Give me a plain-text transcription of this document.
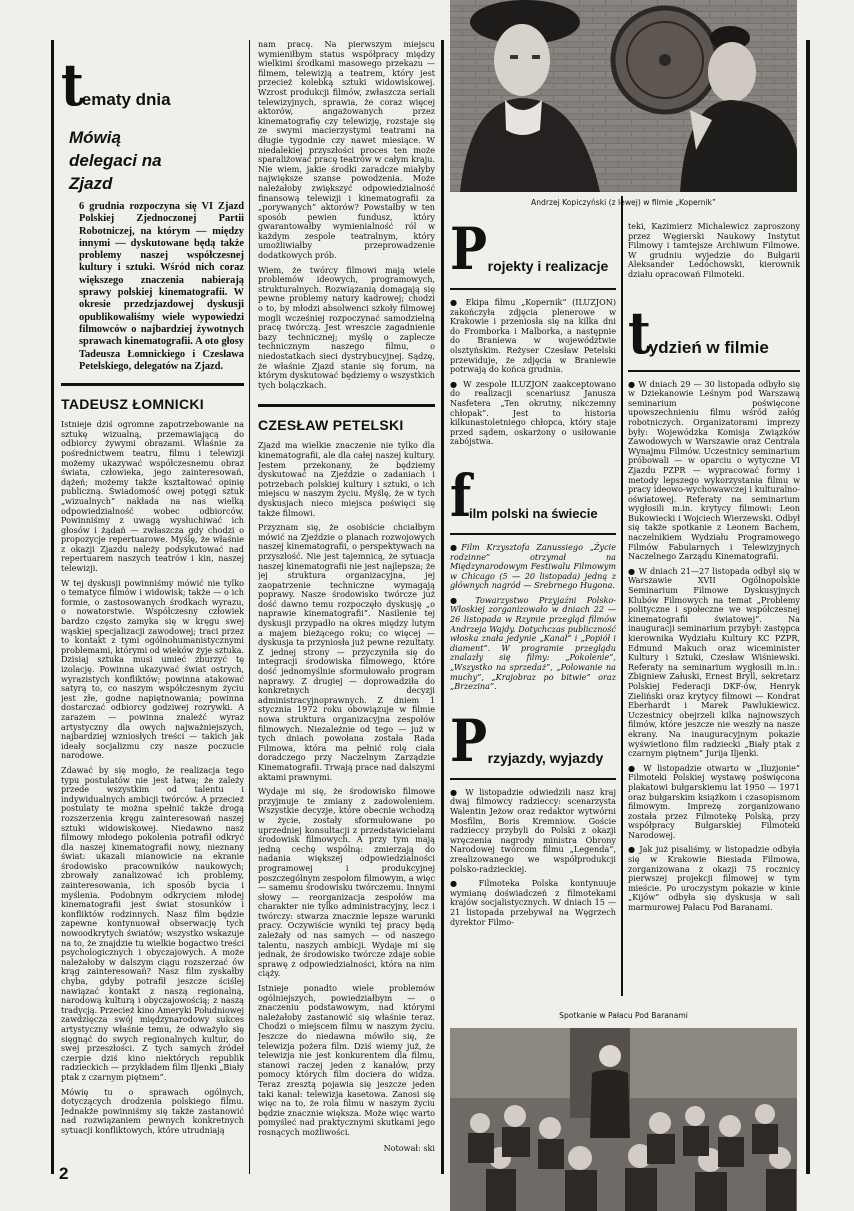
tematy dnia
Mówią delegaci na Zjazd

6 grudnia rozpoczyna się VI Zjazd Polskiej Zjednoczonej Partii Robotniczej, na którym — między innymi — dyskutowane będą także problemy naszej współczesnej kultury i sztuki. Wśród nich coraz większego znaczenia nabierają sprawy polskiej kinematografii. W okresie przedzjazdowej dyskusji opublikowaliśmy wiele wypowiedzi filmowców o najbardziej żywotnych sprawach kinematografii. A oto głosy Tadeusza Łomnickiego i Czesława Petelskiego, delegatów na Zjazd.

TADEUSZ ŁOMNICKI

Istnieje dziś ogromne zapotrzebowanie na sztukę wizualną, przemawiającą do odbiorcy żywymi obrazami. Właśnie za pośrednictwem teatru, filmu i telewizji możemy ukazywać współczesnemu obraz świata, człowieka, jego zainteresowań, dążeń; możemy także kształtować opinię publiczną. Świadomość owej potęgi sztuk „wizualnych” nakłada na nas wielką odpowiedzialność wobec odbiorców. Powinniśmy z uwagą wysłuchiwać ich głosów i żądań — zwłaszcza gdy chodzi o propozycje repertuarowe. Myślę, że właśnie z okazji Zjazdu należy podsykutować nad repertuarem naszych teatrów i kin, naszej telewizji.

W tej dyskusji powinniśmy mówić nie tylko o tematyce filmów i widowisk; także — o ich formie, o zastosowanych środkach wyrazu, o nowatorstwie. Współczesny człowiek bardzo często zamyka się w kręgu swej wąskiej specjalizacji zawodowej; traci przez to kontakt z tymi ogólnohumanistycznymi problemami, którymi od wieków żyje sztuka. Dzisiaj sztuka musi umieć zburzyć tę izolację. Powinna ukazywać świat ostrych, wyrazistych konfliktów; powinna atakować satyrą to, co naszym współczesnym życiu jest złe, godne napiętnowania; powinna dostarczać odbiorcy godziwej rozrywki. A zarazem — powinna znaleźć wyraz artystyczny dla owych najważniejszych, najbardziej wzniosłych treści — takich jak ideały socjalizmu czy nasze poczucie narodowe.

Zdawać by się mogło, że realizacja tego typu postulatów nie jest łatwa; że zależy przede wszystkim od talentu i indywidualnych ambicji twórców. A przecież postulaty te można spełnić także drogą rozszerzenia kręgu zainteresowań naszej sztuki widowiskowej. Niedawno nasz filmowy młodego pokolenia potrafił odkryć dla naszej kinematografii nowy, nieznany świat: ukazali mianowicie na ekranie środowisko pracowników naukowych; zbrowały zanalizować ich problemy, zainteresowania, ich sposób bycia i myślenia. Podobnym odkryciem młodej kinematografii jest świat stosunków i konfliktów rodzinnych. Nasz film będzie zapewne kontynuował obserwację tych nowoodkrytych światów; wszystko wskazuje na to, że znajdzie tu wielkie bogactwo treści psychologicznych i obyczajowych. A może należałoby w dalszym ciągu rozszerzać ów krąg zainteresowań? Nasz film zyskałby chyba, gdyby potrafił jeszcze ściślej nawiązać kontakt z naszą regionalną, narodową kulturą i obyczajowością; z naszą tradycją. Przecież kino Ameryki Południowej zawdzięcza swój międzynarodowy sukces artystyczny właśnie temu, że odważyło się sięgnąć do swych regionalnych kultur, do swej przeszłości. Z tych samych źródeł czerpie dziś kino niektórych republik radzieckich — przykładem film Iljenki „Biały ptak z czarnym piętnem”.

Mówię tu o sprawach ogólnych, dotyczących drodzenia polskiego filmu. Jednakże powinniśmy się także zastanowić nad rozwiązaniem pewnych konkretnych sytuacji konfliktowych, które utrudniają

nam pracę. Na pierwszym miejscu wymieniłbym status współpracy między wielkimi środkami masowego przekazu — filmem, telewizją a teatrem, który jest przecież kolebką sztuki widowiskowej. Wzrost produkcji filmów, zwłaszcza seriali telewizyjnych, sprawia, że coraz więcej aktorów, angażowanych przez kinematografię czy telewizję, rozstaje się ze swymi macierzystymi teatrami na długie tygodnie czy nawet miesiące. W niedalekiej przyszłości proces ten może sparaliżować pracę teatrów w całym kraju. Nie wiem, jakie środki zaradcze miałyby największe szanse powodzenia. Może należałoby zwiększyć odpowiedzialność finansową telewizji i kinematografii za „porywanych” aktorów? Powstałby w ten sposób pewien fundusz, który gwarantowałby wymienialność ról w każdym zespole teatralnym, który umożliwiałby przeprowadzenie dodatkowych prób.

Wiem, że twórcy filmowi mają wiele problemów ideowych, programowych, strukturalnych. Rozwiązanią domagają się pewne problemy natury kadrowej; chodzi o to, by młodzi absolwenci szkoły filmowej mogli wcześniej rozpoczynać samodzielną pracę twórczą. Jest wreszcie zagadnienie bazy technicznej; myślę o zaplecze technicznym naszego filmu, o niedostatkach sieci dystrybucyjnej. Sądzę, że właśnie Zjazd stanie się forum, na którym dyskutować będziemy o wszystkich tych bolączkach.

CZESŁAW PETELSKI

Zjazd ma wielkie znaczenie nie tylko dla kinematografii, ale dla całej naszej kultury. Jestem przekonany, że będziemy dyskutować na Zjeździe o zadaniach i potrzebach polskiej kultury i sztuki, o ich miejscu w naszym życiu. Myślę, że w tych dyskusjach nieco miejsca poświęci się także filmowi.

Przyznam się, że osobiście chciałbym mówić na Zjeździe o planach rozwojowych naszej kinematografii, o perspektywach na przyszłość. Nie jest tajemnicą, że sytuacja naszej kinematografii nie jest najlepsza; że jej struktura organizacyjna, jej zaopatrzenie techniczne wymagają poprawy. Nasze środowisko twórcze już dość dawno temu rozpoczęło dyskusję „o naprawie kinematografii”. Nasilenie tej dyskusji przypadło na okres między lutym a majem bieżącego roku; co więcej — dyskusja ta przyniosła już pewne rezultaty. Z jednej strony — przyczyniła się do integracji środowiska filmowego, które dość jednomyślnie sformułowało program naprawy. Z drugiej — doprowadziła do konkretnych decyzji administracyjnoprawnych. Z dniem 1 stycznia 1972 roku obowiązuje w filmie nowa struktura organizacyjna zespołów filmowych. Niezależnie od tego — już w tych dniach powołana została Rada Filmowa, która ma pełnić rolę ciała doradczego przy Naczelnym Zarządzie Kinematografii. Trwają prace nad dalszymi aktami prawnymi.

Wydaje mi się, że środowisko filmowe przyjmuje te zmiany z zadowoleniem. Wszystkie decyzje, które obecnie wchodzą w życie, zostały sformułowane po uprzedniej konsultacji z przedstawicielami środowisk filmowych. A przy tym mają jedną cechę wspólną: zmierzają do nadania większej odpowiedzialności programowej i produkcyjnej poszczególnym zespołom filmowym, a więc — samemu środowisku twórczemu. Innymi słowy — reorganizacja zespołów ma charakter nie tylko administracyjny, lecz i twórczy: stwarza znacznie lepsze warunki pracy. Oczywiście wyniki tej pracy będą zależały od nas samych — od naszego talentu, naszych ambicji. Wydaje mi się jednak, że środowisko twórcze zdaje sobie sprawę z odpowiedzialności, która na nim ciąży.

Istnieje ponadto wiele problemów ogólniejszych, powiedziałbym — o znaczeniu podstawowym, nad którymi należałoby zastanowić się właśnie teraz. Chodzi o miejscem filmu w naszym życiu. Jeszcze do niedawna mówiło się, że telewizja pożera film. Dziś wiemy już, że telewizja nie jest konkurentem dla filmu, stanowi raczej jeden z kanałów, przy pomocy których film dociera do widza. Teraz zresztą pojawia się jeszcze jeden taki kanał: telewizja kasetowa. Zanosi się więc na to, że rola filmu w naszym życiu będzie znacznie większa. Może więc warto pomyśleć nad praktycznymi skutkami jego rosnących możliwości.

Notował: ski
Andrzej Kopiczyński (z lewej) w filmie „Kopernik”
Projekty i realizacje

● Ekipa filmu „Kopernik” (ILUZJON) zakończyła zdjęcia plenerowe w Krakowie i przeniosła się na kilka dni do Fromborka i Malborka, a następnie do Braniewa w województwie olsztyńskim. Reżyser Czesław Petelski przewiduje, że zdjęcia w Braniewie potrwają do końca grudnia.

● W zespole ILUZJON zaakceptowano do realizacji scenariusz Janusza Nasfetera „Ten okrutny, nikczemny chłopak”. Jest to historia kilkunastoletniego chłopca, który staje przed sądem, oskarżony o usiłowanie zabójstwa.

film polski na świecie

●Film Krzysztofa Zanussiego „Życie rodzinne” otrzymał na Międzynarodowym Festiwalu Filmowym w Chicago (5 — 20 listopada) jedną z głównych nagród — Srebrnego Hugona.

● Towarzystwo Przyjaźni Polsko-Włoskiej zorganizowało w dniach 22 — 26 listopada w Rzymie przegląd filmów Andrzeja Wajdy. Dotychczas publiczność włoska znała jedynie „Kanał” i „Popiół i diament”. W programie przeglądu znalazły się filmy: „Pokolenie”, „Wszystko na sprzedaż”, „Polowanie na muchy”, „Krajobraz po bitwie” oraz „Brzezina”.

Przyjazdy, wyjazdy

● W listopadzie odwiedzili nasz kraj dwaj filmowcy radzieccy: scenarzysta Walentin Jeżow oraz redaktor wytwórni Mosfilm, Boris Kremniow. Goście radzieccy przybyli do Polski z okazji wręczenia nagrody ministra Obrony Narodowej twórcom filmu „Legenda”, zrealizowanego we współprodukcji polsko-radzieckiej.

● Filmoteka Polska kontynuuje wymianę doświadczeń z filmotekami krajów socjalistycznych. W dniach 15 — 21 listopada przebywał na Węgrzech dyrektor Filmo-

teki, Kazimierz Michalewicz zaproszony przez Węgierski Naukowy Instytut Filmowy i tamtejsze Archiwum Filmowe. W grudniu wyjedzie do Bułgarii Aleksander Ledóchowski, kierownik działu opracowań Filmoteki.

tydzień w filmie

● W dniach 29 — 30 listopada odbyło się w Dziekanowie Leśnym pod Warszawą seminarium poświęcone upowszechnieniu filmu wśród załóg robotniczych. Organizatorami imprezy były: Wojewódzka Komisja Związków Zawodowych w Warszawie oraz Centrala Wynajmu Filmów. Uczestnicy seminarium próbowali — w oparciu o wytyczne VI Zjazdu PZPR — wypracować formy i metody lepszego wykorzystania filmu w pracy ideowo-wychowawczej i kulturalno-oświatowej. Referaty na seminarium wygłosili m.in. krytycy filmowi: Leon Bukowiecki i Wojciech Wierzewski. Odbył się także spotkanie z Leonem Bachem, naczelnikiem Wydziału Programowego Filmów Fabularnych i Telewizyjnych Naczelnego Zarządu Kinematografii.

● W dniach 21—27 listopada odbył się w Warszawie XVII Ogólnopolskie Seminarium Filmowe Dyskusyjnych Klubów Filmowych na temat „Problemy polityczne i społeczne we współczesnej kinematografii światowej”. Na inauguracji seminarium przybył: zastępca kierownika Wydziału Kultury KC PZPR, Edmund Makuch oraz wiceminister Kultury i Sztuki, Czesław Wiśniewski. Referaty na seminarium wygłosili m.in.: Zbigniew Załuski, Ernest Bryll, sekretarz Polskiej Federacji DKF-ów, Henryk Zieliński oraz krytycy filmowi — Kondrat Eberhardt i Marek Pawlukiewicz. Uczestnicy obejrzeli kilka najnowszych filmów, które jeszcze nie weszły na nasze ekrany. Na inauguracyjnym pokazie wyświetlono film radziecki „Biały ptak z czarnym piętnem” Jurija Iljenki.

● W listopadzie otwarto w „Iluzjonie” Filmoteki Polskiej wystawę poświęcona plakatowi bułgarskiemu lat 1950 — 1971 oraz bułgarskim książkom i czasopismom filmowym. Imprezę zorganizowano została przez Filmotekę Polską, przy współpracy Bułgarskiej Filmoteki Narodowej.

● Jak już pisaliśmy, w listopadzie odbyła się w Krakowie Biesiada Filmowa, zorganizowana z okazji 75 rocznicy pierwszej projekcji filmowej w tym mieście. Po uroczystym pokazie w kinie „Kijów” odbyła się dyskusja w sali marmurowej Pałacu Pod Baranami.

Spotkanie w Pałacu Pod Baranami
2
